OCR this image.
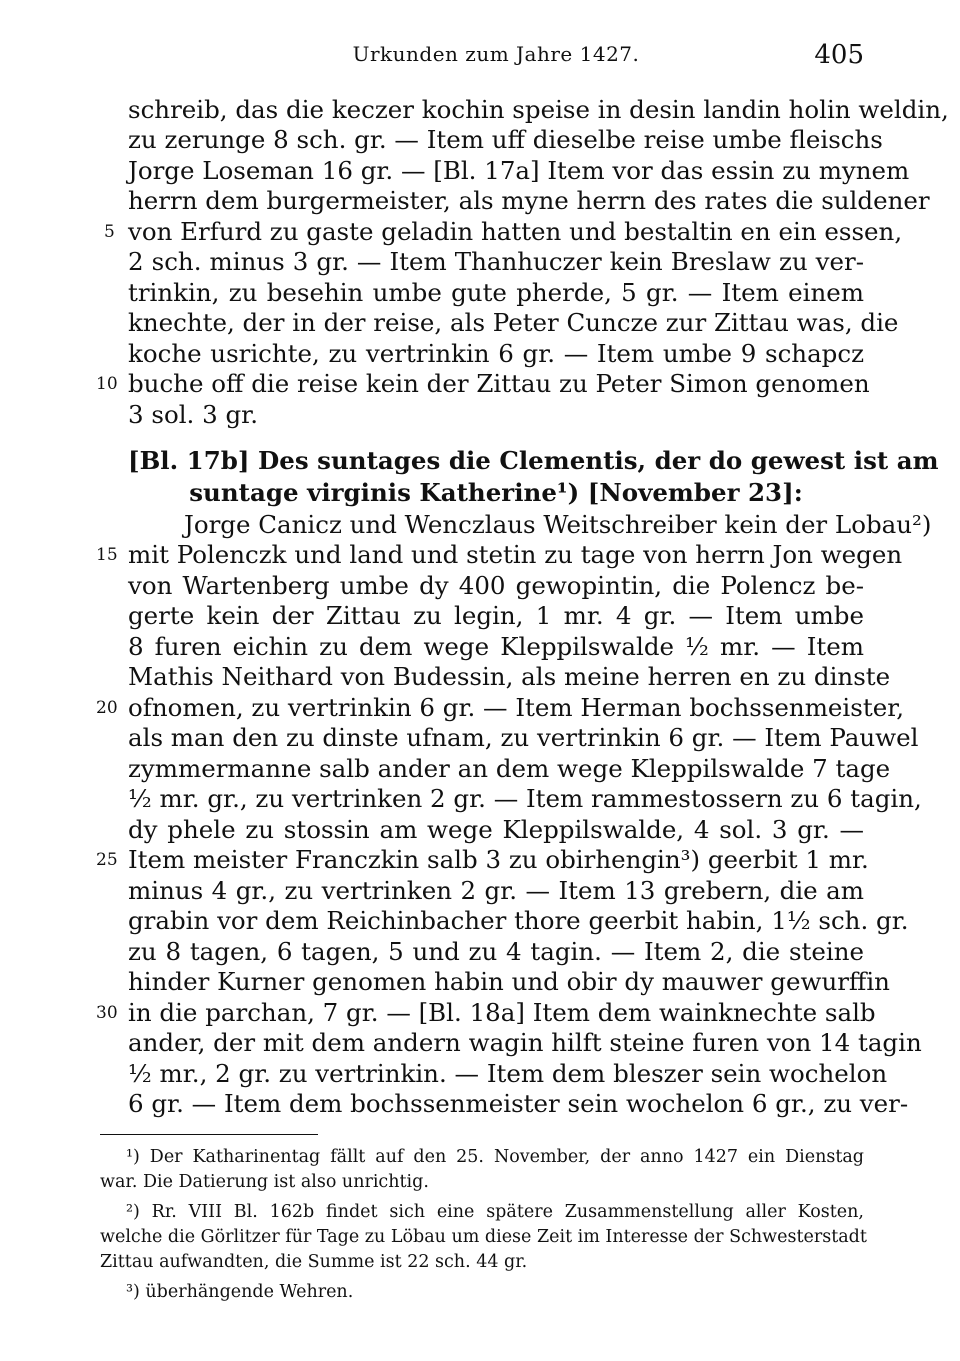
Urkunden zum Jahre 1427.	405
schreib, das die keczer kochin speise in desin landin holin weldin,
zu zerunge 8 sch. gr. — Item uff dieselbe reise umbe fleischs
Jorge Loseman 16 gr. — [Bl. 17a] Item vor das essin zu mynem
herrn dem burgermeister, als myne herrn des rates die suldener
von Erfurd zu gaste geladin hatten und bestaltin en ein essen,
2 sch. minus 3 gr. — Item Thanhuczer kein Breslaw zu ver-
trinkin, zu besehin umbe gute pherde, 5 gr. — Item einem
knechte, der in der reise, als Peter Cuncze zur Zittau was, die
koche usrichte, zu vertrinkin 6 gr. — Item umbe 9 schapcz
buche off die reise kein der Zittau zu Peter Simon genomen
3 sol. 3 gr.
[Bl. 17b] Des suntages die Clementis, der do gewest ist am
suntage virginis Katherine¹) [November 23]:
Jorge Canicz und Wenczlaus Weitschreiber kein der Lobau²)
mit Polenczk und land und stetin zu tage von herrn Jon wegen
von Wartenberg umbe dy 400 gewopintin, die Polencz be-
gerte kein der Zittau zu legin, 1 mr. 4 gr. — Item umbe
8 furen eichin zu dem wege Kleppilswalde ½ mr. — Item
Mathis Neithard von Budessin, als meine herren en zu dinste
ofnomen, zu vertrinkin 6 gr. — Item Herman bochssenmeister,
als man den zu dinste ufnam, zu vertrinkin 6 gr. — Item Pauwel
zymmermanne salb ander an dem wege Kleppilswalde 7 tage
½ mr. gr., zu vertrinken 2 gr. — Item rammestossern zu 6 tagin,
dy phele zu stossin am wege Kleppilswalde, 4 sol. 3 gr. —
Item meister Franczkin salb 3 zu obirhengin³) geerbit 1 mr.
minus 4 gr., zu vertrinken 2 gr. — Item 13 grebern, die am
grabin vor dem Reichinbacher thore geerbit habin, 1½ sch. gr.
zu 8 tagen, 6 tagen, 5 und zu 4 tagin. — Item 2, die steine
hinder Kurner genomen habin und obir dy mauwer gewurffin
in die parchan, 7 gr. — [Bl. 18a] Item dem wainknechte salb
ander, der mit dem andern wagin hilft steine furen von 14 tagin
½ mr., 2 gr. zu vertrinkin. — Item dem bleszer sein wochelon
6 gr. — Item dem bochssenmeister sein wochelon 6 gr., zu ver-
5
10
15
20
25
30
¹) Der Katharinentag fällt auf den 25. November, der anno 1427 ein Dienstag
war. Die Datierung ist also unrichtig.
²) Rr. VIII Bl. 162b findet sich eine spätere Zusammenstellung aller Kosten,
welche die Görlitzer für Tage zu Löbau um diese Zeit im Interesse der Schwesterstadt
Zittau aufwandten, die Summe ist 22 sch. 44 gr.
³) überhängende Wehren.
